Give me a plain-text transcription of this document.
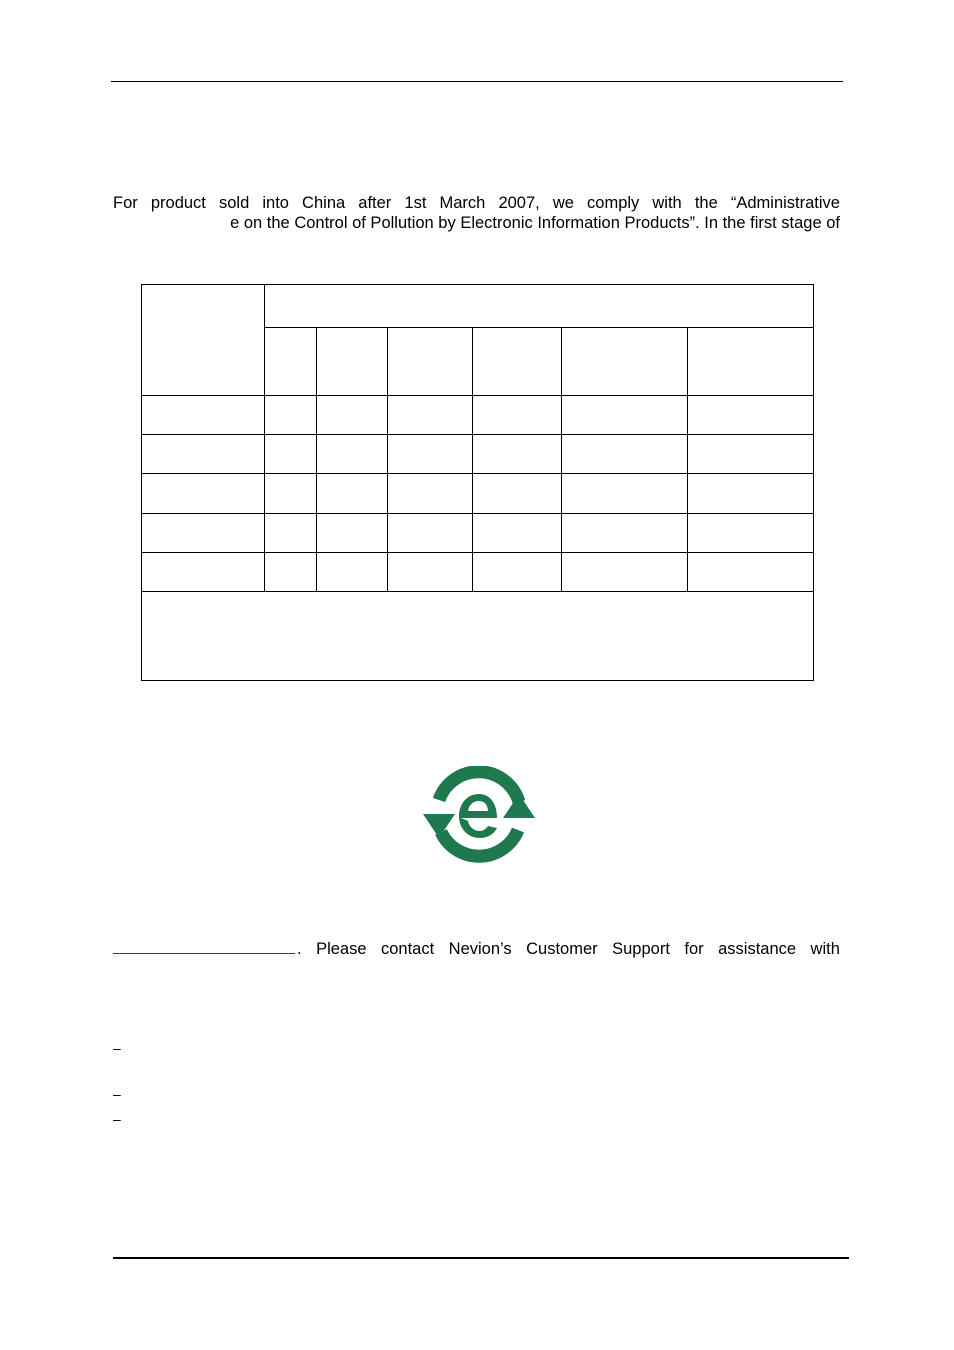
For product sold into China after 1st March 2007, we comply with the “Administrative
e on the Control of Pollution by Electronic Information Products”. In the first stage of

. Please contact Nevion’s Customer Support for assistance with
–
–
–
